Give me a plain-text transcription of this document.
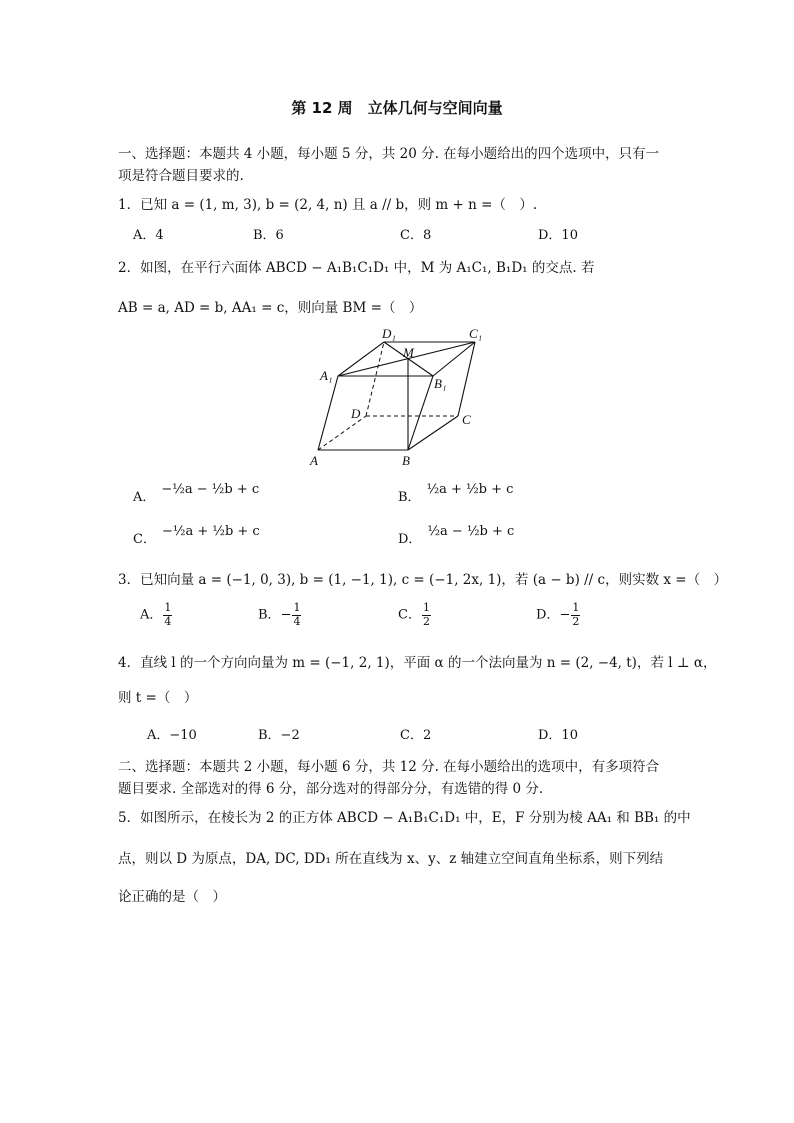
第 12 周　立体几何与空间向量
一、选择题：本题共 4 小题，每小题 5 分，共 20 分. 在每小题给出的四个选项中，只有一
项是符合题目要求的.
1．已知 a = (1, m, 3), b = (2, 4, n) 且 a // b，则 m + n =（　）.
A．4	B．6	C．8	D．10
2．如图，在平行六面体 ABCD − A₁B₁C₁D₁ 中，M 为 A₁C₁, B₁D₁ 的交点. 若
AB = a, AD = b, AA₁ = c，则向量 BM =（　）
A	B
C
D
A₁
B₁
C₁
D₁
M
A．−½a − ½b + c
B．½a + ½b + c
C．−½a + ½b + c
D．½a − ½b + c
3．已知向量 a = (−1, 0, 3), b = (1, −1, 1), c = (−1, 2x, 1)，若 (a − b) // c，则实数 x =（　）
A． $\frac{1}{4}$	B．− $\frac{1}{4}$	C． $\frac{1}{2}$	D．− $\frac{1}{2}$
4．直线 l 的一个方向向量为 m = (−1, 2, 1)，平面 α 的一个法向量为 n = (2, −4, t)，若 l ⊥ α，
则 t =（　）
A．−10	B．−2	C．2	D．10
二、选择题：本题共 2 小题，每小题 6 分，共 12 分. 在每小题给出的选项中，有多项符合
题目要求. 全部选对的得 6 分，部分选对的得部分分，有选错的得 0 分.
5．如图所示，在棱长为 2 的正方体 ABCD − A₁B₁C₁D₁ 中，E，F 分别为棱 AA₁ 和 BB₁ 的中
点，则以 D 为原点，DA, DC, DD₁ 所在直线为 x、y、z 轴建立空间直角坐标系，则下列结
论正确的是（　）
